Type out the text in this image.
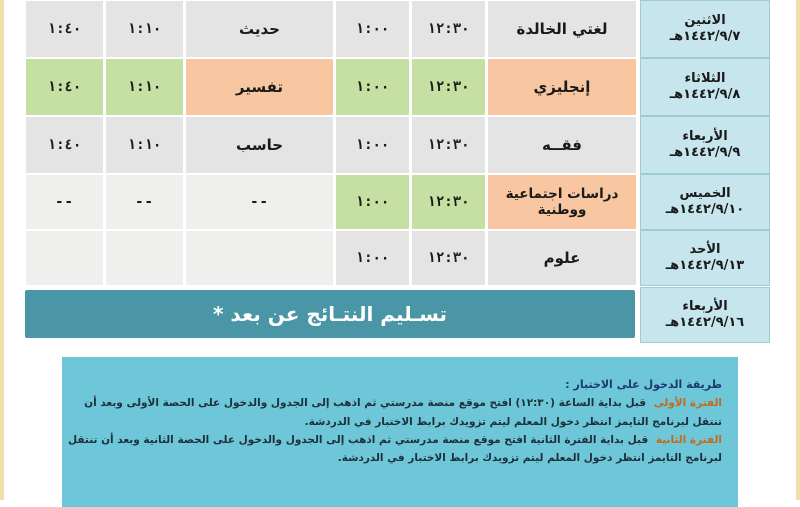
الاثنين
١٤٤٢/٩/٧هـ
لغتي الخالدة
١٢:٣٠
١:٠٠
حديث
١:١٠
١:٤٠
الثلاثاء
١٤٤٢/٩/٨هـ
إنجليزي
١٢:٣٠
١:٠٠
تفسير
١:١٠
١:٤٠
الأربعاء
١٤٤٢/٩/٩هـ
فقــه
١٢:٣٠
١:٠٠
حاسب
١:١٠
١:٤٠
الخميس
١٤٤٢/٩/١٠هـ
دراسات اجتماعية ووطنية
١٢:٣٠
١:٠٠
--
--
--
الأحد
١٤٤٢/٩/١٣هـ
علوم
١٢:٣٠
١:٠٠
الأربعاء
١٤٤٢/٩/١٦هـ
* تسـليم النتـائج عن بعد
طريقة الدخول على الاختبار :
الفترة الأولى قبل بداية الساعة (١٢:٣٠) افتح موقع منصة مدرستي ثم اذهب إلى الجدول والدخول على الحصة الأولى وبعد أن
تنتقل لبرنامج التايمز انتظر دخول المعلم ليتم تزويدك برابط الاختبار في الدردشة.
الفترة الثانية قبل بداية الفترة الثانية افتح موقع منصة مدرستي ثم اذهب إلى الجدول والدخول على الحصة الثانية وبعد أن تنتقل
لبرنامج التايمز انتظر دخول المعلم ليتم تزويدك برابط الاختبار في الدردشة.
